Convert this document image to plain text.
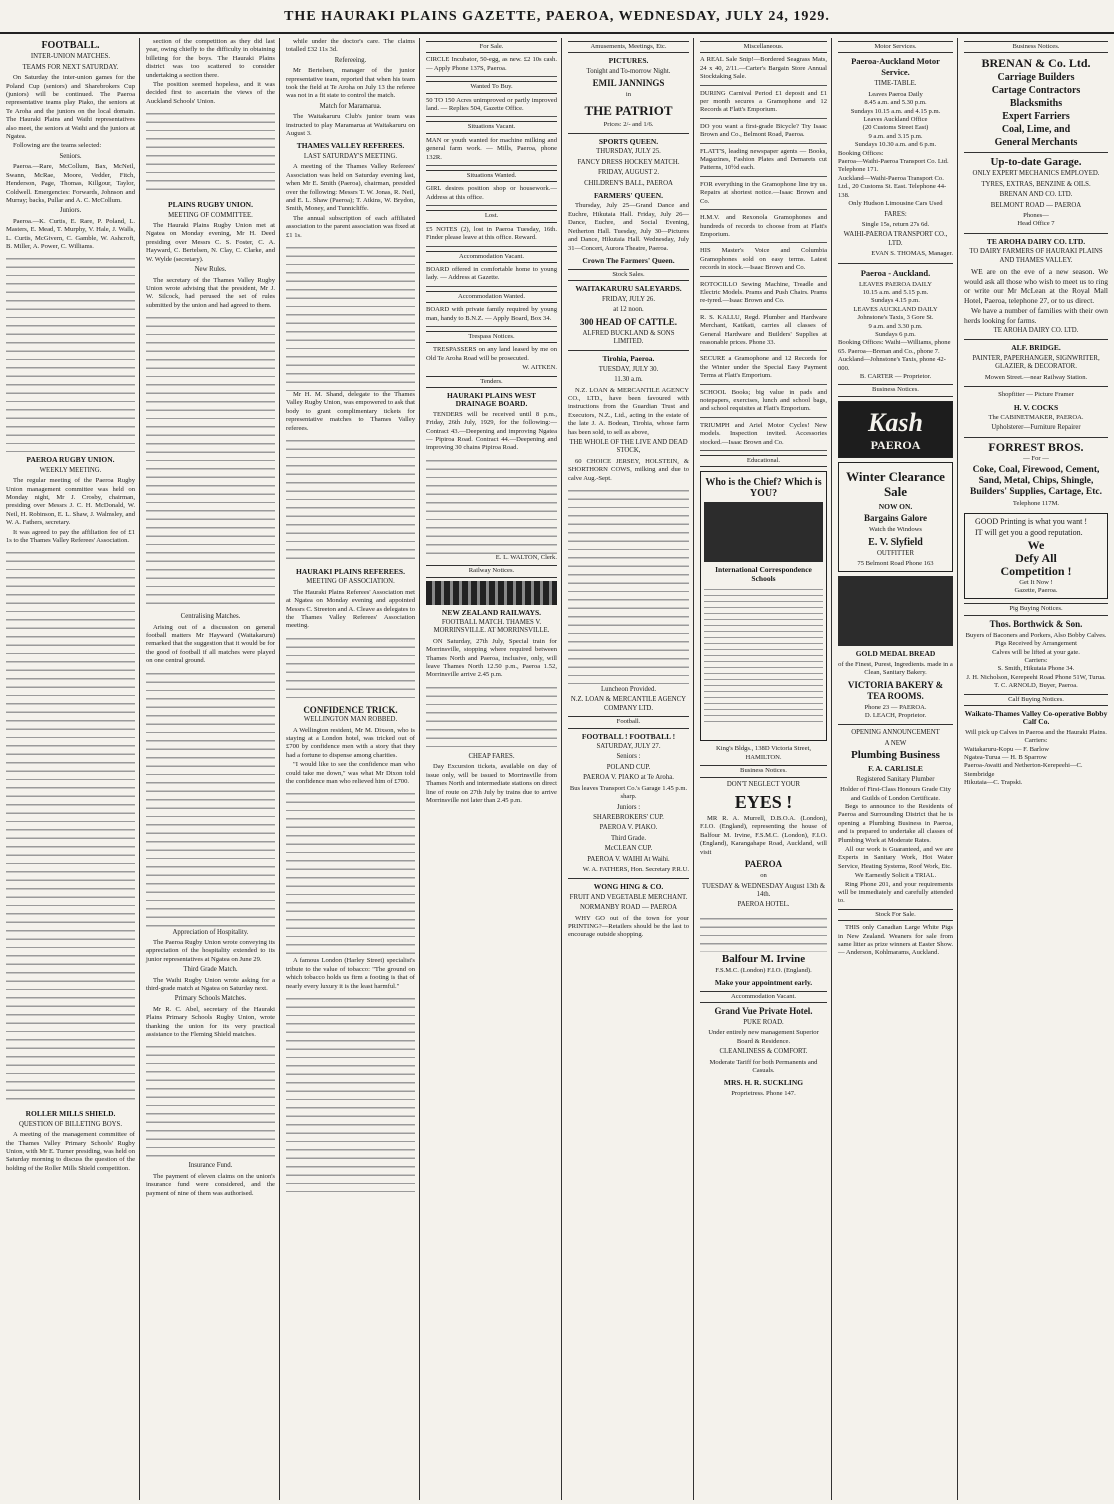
THE HAURAKI PLAINS GAZETTE, PAEROA, WEDNESDAY, JULY 24, 1929.
FOOTBALL.
INTER-UNION MATCHES.
TEAMS FOR NEXT SATURDAY.

On Saturday the inter-union games for the Poland Cup (seniors) and Sharebrokers Cup (juniors) will be continued. The Paeroa representative teams play Piako, the seniors at Te Aroha and the juniors on the local domain. The Hauraki Plains and Waihi representatives also meet, the seniors at Waihi and the juniors at Ngatea.

Following are the teams selected:

Seniors.

Paeroa.—Rare, McCollum, Bax, McNeil, Swann, McRae, Moore, Vedder, Fitch, Henderson, Page, Thomas, Killgour, Taylor, Coldwell. Emergencies: Forwards, Johnson and Murray; backs, Pullar and A. C. McCollum.

Juniors.

Paeroa.—K. Curtis, E. Rare, P. Poland, L. Masters, E. Mead, T. Murphy, V. Hale, J. Walls, L. Curtis, McGivern, C. Gamble, W. Ashcroft, B. Miller, A. Power, C. Williams.

PAEROA RUGBY UNION.
WEEKLY MEETING.

The regular meeting of the Paeroa Rugby Union management committee was held on Monday night, Mr J. Crosby, chairman, presiding over Messrs J. C. H. McDonald, W. Neil, H. Robinson, E. L. Shaw, J. Walmsley, and W. A. Fathers, secretary.

It was agreed to pay the affiliation fee of £1 1s to the Thames Valley Referees' Association.

ROLLER MILLS SHIELD.
QUESTION OF BILLETING BOYS.

A meeting of the management committee of the Thames Valley Primary Schools' Rugby Union, with Mr E. Turner presiding, was held on Saturday morning to discuss the question of the holding of the Roller Mills Shield competition.

section of the competition as they did last year, owing chiefly to the difficulty in obtaining billeting for the boys. The Hauraki Plains district was too scattered to consider undertaking a section there.

The position seemed hopeless, and it was decided first to ascertain the views of the Auckland Schools' Union.

PLAINS RUGBY UNION.
MEETING OF COMMITTEE.

The Hauraki Plains Rugby Union met at Ngatea on Monday evening, Mr H. Deed presiding over Messrs C. S. Foster, C. A. Hayward, C. Bertelsen, N. Clay, C. Clarke, and W. Wylde (secretary).

New Rules.

The secretary of the Thames Valley Rugby Union wrote advising that the president, Mr J. W. Silcock, had perused the set of rules submitted by the union and had agreed to them.

Centralising Matches.

Arising out of a discussion on general football matters Mr Hayward (Waitakaruru) remarked that the suggestion that it would be for the good of football if all matches were played on one central ground.

Appreciation of Hospitality.

The Paeroa Rugby Union wrote conveying its appreciation of the hospitality extended to its junior representatives at Ngatea on June 29.

Third Grade Match.

The Waihi Rugby Union wrote asking for a third-grade match at Ngatea on Saturday next.

Primary Schools Matches.

Mr R. C. Abel, secretary of the Hauraki Plains Primary Schools Rugby Union, wrote thanking the union for its very practical assistance to the Fleming Shield matches.

Insurance Fund.

The payment of eleven claims on the union's insurance fund were considered, and the payment of nine of them was authorised.

while under the doctor's care. The claims totalled £32 11s 3d.

Refereeing.

Mr Bertelsen, manager of the junior representative team, reported that when his team took the field at Te Aroha on July 13 the referee was not in a fit state to control the match.

Match for Maramarua.

The Waitakaruru Club's junior team was instructed to play Maramarua at Waitakaruru on August 3.

THAMES VALLEY REFEREES.
LAST SATURDAY'S MEETING.

A meeting of the Thames Valley Referees' Association was held on Saturday evening last, when Mr E. Smith (Paeroa), chairman, presided over the following: Messrs T. W. Jonas, R. Neil, and E. L. Shaw (Paeroa); T. Atkins, W. Brydon, Smith, Money, and Tunnicliffe.

The annual subscription of each affiliated association to the parent association was fixed at £1 1s.

Mr H. M. Shand, delegate to the Thames Valley Rugby Union, was empowered to ask that body to grant complimentary tickets for representative matches to Thames Valley referees.

HAURAKI PLAINS REFEREES.
MEETING OF ASSOCIATION.

The Hauraki Plains Referees' Association met at Ngatea on Monday evening and appointed Messrs C. Streeton and A. Cleave as delegates to the Thames Valley Referees' Association meeting.

CONFIDENCE TRICK.
WELLINGTON MAN ROBBED.

A Wellington resident, Mr M. Dixson, who is staying at a London hotel, was tricked out of £700 by confidence men with a story that they had a fortune to dispense among charities.

"I would like to see the confidence man who could take me down," was what Mr Dixon told the confidence man who relieved him of £700.

A famous London (Harley Street) specialist's tribute to the value of tobacco: "The ground on which tobacco holds us firm a footing is that of nearly every luxury it is the least harmful."

For Sale.

CIRCLE Incubator, 50-egg, as new. £2 10s cash. — Apply Phone 137S, Paeroa.

Wanted To Buy.

50 TO 150 Acres unimproved or partly improved land. — Replies 504, Gazette Office.

Situations Vacant.

MAN or youth wanted for machine milking and general farm work. — Mills, Paeroa, phone 132R.

Situations Wanted.

GIRL desires position shop or housework.—Address at this office.

Lost.

£5 NOTES (2), lost in Paeroa Tuesday, 16th. Finder please leave at this office. Reward.

Accommodation Vacant.

BOARD offered in comfortable home to young lady. — Address at Gazette.

Accommodation Wanted.

BOARD with private family required by young man, handy to B.N.Z. — Apply Board, Box 34.

Trespass Notices.

TRESPASSERS on any land leased by me on Old Te Aroha Road will be prosecuted.

W. AITKEN.
Tenders.
HAURAKI PLAINS WEST DRAINAGE BOARD.

TENDERS will be received until 8 p.m., Friday, 26th July, 1929, for the following:—Contract 43.—Deepening and improving Ngatea — Pipiroa Road. Contract 44.—Deepening and improving 30 chains Pipiroa Road.

E. L. WALTON, Clerk.
Railway Notices.
NEW ZEALAND RAILWAYS.
FOOTBALL MATCH. THAMES V. MORRINSVILLE. AT MORRINSVILLE.

ON Saturday, 27th July, Special train for Morrinsville, stopping where required between Thames North and Paeroa, inclusive, only, will leave Thames North 12.50 p.m., Paeroa 1.52, Morrinsville arrive 2.45 p.m.

CHEAP FARES.

Day Excursion tickets, available on day of issue only, will be issued to Morrinsville from Thames North and intermediate stations on direct line of route on 27th July by trains due to arrive Morrinsville not later than 2.45 p.m.

Amusements, Meetings, Etc.
PICTURES.
Tonight and To-morrow Night.
EMIL JANNINGS
in
THE PATRIOT
Prices: 2/- and 1/6.
SPORTS QUEEN.
THURSDAY, JULY 25.
FANCY DRESS HOCKEY MATCH.
FRIDAY, AUGUST 2.
CHILDREN'S BALL, PAEROA
FARMERS' QUEEN.

Thursday, July 25—Grand Dance and Euchre, Hikutaia Hall. Friday, July 26—Dance, Euchre, and Social Evening, Netherton Hall. Tuesday, July 30—Pictures and Dance, Hikutaia Hall. Wednesday, July 31—Concert, Aurora Theatre, Paeroa.

Crown The Farmers' Queen.
Stock Sales.
WAITAKARURU SALEYARDS.
FRIDAY, JULY 26.
at 12 noon.
300 HEAD OF CATTLE.
ALFRED BUCKLAND & SONS LIMITED.
Tirohia, Paeroa.
TUESDAY, JULY 30.
11.30 a.m.

N.Z. LOAN & MERCANTILE AGENCY CO., LTD., have been favoured with instructions from the Guardian Trust and Executors, N.Z., Ltd., acting in the estate of the late J. A. Bodean, Tirohia, whose farm has been sold, to sell as above,

THE WHOLE OF THE LIVE AND DEAD STOCK,

60 CHOICE JERSEY, HOLSTEIN, & SHORTHORN COWS, milking and due to calve Aug.-Sept.

Luncheon Provided.
N.Z. LOAN & MERCANTILE AGENCY COMPANY LTD.
Football.
FOOTBALL ! FOOTBALL !
SATURDAY, JULY 27.
Seniors :
POLAND CUP.
PAEROA V. PIAKO at Te Aroha.
Bus leaves Transport Co.'s Garage 1.45 p.m. sharp.
Juniors :
SHAREBROKERS' CUP.
PAEROA V. PIAKO.
Third Grade.
McCLEAN CUP.
PAEROA V. WAIHI At Waihi.
W. A. FATHERS, Hon. Secretary P.R.U.
WONG HING & CO.
FRUIT AND VEGETABLE MERCHANT.
NORMANBY ROAD — PAEROA

WHY GO out of the town for your PRINTING?—Retailers should be the last to encourage outside shopping.

Miscellaneous.

A REAL Sale Snip!—Bordered Seagrass Mats, 24 x 40, 2/11.—Carter's Bargain Store Annual Stocktaking Sale.

DURING Carnival Period £1 deposit and £1 per month secures a Gramophone and 12 Records at Flatt's Emporium.

DO you want a first-grade Bicycle? Try Isaac Brown and Co., Belmont Road, Paeroa.

FLATT'S, leading newspaper agents — Books, Magazines, Fashion Plates and Demarets cut Patterns, 10½d each.

FOR everything in the Gramophone line try us. Repairs at shortest notice.—Isaac Brown and Co.

H.M.V. and Rexonola Gramophones and hundreds of records to choose from at Flatt's Emporium.

HIS Master's Voice and Columbia Gramophones sold on easy terms. Latest records in stock.—Isaac Brown and Co.

ROTOCILLO Sewing Machine, Treadle and Electric Models. Prams and Push Chairs. Prams re-tyred.—Isaac Brown and Co.

R. S. KALLU, Regd. Plumber and Hardware Merchant, Katikati, carries all classes of General Hardware and Builders' Supplies at reasonable prices. Phone 33.

SECURE a Gramophone and 12 Records for the Winter under the Special Easy Payment Terms at Flatt's Emporium.

SCHOOL Books; big value in pads and notepapers, exercises, lunch and school bags, and school requisites at Flatt's Emporium.

TRIUMPH and Ariel Motor Cycles! New models. Inspection invited. Accessories stocked.—Isaac Brown and Co.

Educational.
Who is the Chief? Which is YOU?
International Correspondence Schools
King's Bldgs., 138D Victoria Street, HAMILTON.
Business Notices.
DON'T NEGLECT YOUR
EYES !

MR R. A. Murrell, D.B.O.A. (London), F.I.O. (England), representing the house of Balfour M. Irvine, F.S.M.C. (London), F.I.O. (England), Karangahape Road, Auckland, will visit

PAEROA
on
TUESDAY & WEDNESDAY August 13th & 14th.
PAEROA HOTEL.
Balfour M. Irvine
F.S.M.C. (London) F.I.O. (England).
Make your appointment early.
Accommodation Vacant.
Grand Vue Private Hotel.
PUKE ROAD.
Under entirely new management Superior Board & Residence.
CLEANLINESS & COMFORT.
Moderate Tariff for both Permanents and Casuals.
MRS. H. R. SUCKLING
Proprietress. Phone 147.
Motor Services.
Paeroa-Auckland Motor Service.
TIME-TABLE.
Leaves Paeroa Daily
8.45 a.m. and 5.30 p.m.
Sundays 10.15 a.m. and 4.15 p.m.
Leaves Auckland Office
(20 Customs Street East)
9 a.m. and 3.15 p.m.
Sundays 10.30 a.m. and 6 p.m.
Booking Offices:
Paeroa—Waihi-Paeroa Transport Co. Ltd. Telephone 171.
Auckland—Waihi-Paeroa Transport Co. Ltd., 20 Customs St. East. Telephone 44-138.
Only Hudson Limousine Cars Used
FARES:
Single 15s, return 27s 6d.
WAIHI-PAEROA TRANSPORT CO., LTD.
EVAN S. THOMAS, Manager.
Paeroa - Auckland.
LEAVES PAEROA DAILY
10.15 a.m. and 5.15 p.m.
Sundays 4.15 p.m.
LEAVES AUCKLAND DAILY
Johnstone's Taxis, 3 Gore St.
9 a.m. and 3.30 p.m.
Sundays 6 p.m.
Booking Offices: Waihi—Williams, phone 65. Paeroa—Brenan and Co., phone 7. Auckland—Johnstone's Taxis, phone 42-000.
B. CARTER — Proprietor.
Business Notices.
Kash
PAEROA
Winter Clearance Sale
NOW ON.
Bargains Galore
Watch the Windows
E. V. Slyfield
OUTFITTER
75 Belmont Road Phone 163
GOLD MEDAL BREAD
of the Finest, Purest, Ingredients. made in a Clean, Sanitary Bakery.
VICTORIA BAKERY & TEA ROOMS.
Phone 23 — PAEROA.
D. LEACH, Proprietor.
OPENING ANNOUNCEMENT
A NEW
Plumbing Business
F. A. CARLISLE
Registered Sanitary Plumber
Holder of First-Class Honours Grade City and Guilds of London Certificate.

Begs to announce to the Residents of Paeroa and Surrounding District that he is opening a Plumbing Business in Paeroa, and is prepared to undertake all classes of Plumbing Work at Moderate Rates.

All our work is Guaranteed, and we are Experts in Sanitary Work, Hot Water Service, Heating Systems, Roof Work, Etc.

We Earnestly Solicit a TRIAL.

Ring Phone 201, and your requirements will be immediately and carefully attended to.

Stock For Sale.

THIS only Canadian Large White Pigs in New Zealand. Weaners for sale from same litter as prize winners at Easter Show. — Anderson, Kohlmarams, Auckland.

Business Notices.
BRENAN & Co. Ltd.
Carriage Builders
Cartage Contractors
Blacksmiths
Expert Farriers
Coal, Lime, and
General Merchants
Up-to-date Garage.
ONLY EXPERT MECHANICS EMPLOYED.
TYRES, EXTRAS, BENZINE & OILS.
BRENAN AND CO. LTD.
BELMONT ROAD — PAEROA
Phones—
Head Office 7
TE AROHA DAIRY CO. LTD.
TO DAIRY FARMERS OF HAURAKI PLAINS AND THAMES VALLEY.

WE are on the eve of a new season. We would ask all those who wish to meet us to ring or write our Mr McLean at the Royal Mall Hotel, Paeroa, telephone 27, or to us direct.

We have a number of families with their own herds looking for farms.

TE AROHA DAIRY CO. LTD.
ALF. BRIDGE.
PAINTER, PAPERHANGER, SIGNWRITER, GLAZIER, & DECORATOR.
Mowen Street.—near Railway Station.
Shopfitter — Picture Framer
H. V. COCKS
The CABINETMAKER, PAEROA.
Upholsterer—Furniture Repairer
FORREST BROS.
— For —
Coke, Coal, Firewood, Cement, Sand, Metal, Chips, Shingle, Builders' Supplies, Cartage, Etc.
Telephone 117M.

GOOD Printing is what you want !

IT will get you a good reputation.

We
Defy All
Competition !
Get It Now !
Gazette, Paeroa.
Pig Buying Notices.
Thos. Borthwick & Son.
Buyers of Baconers and Porkers, Also Bobby Calves.
Pigs Received by Arrangement
Calves will be lifted at your gate.
Carriers:
S. Smith, Hikutaia Phone 34.
J. H. Nicholson, Kerepeehi Road Phone 51W, Turua.
T. C. ARNOLD, Buyer, Paeroa.
Calf Buying Notices.
Waikato-Thames Valley Co-operative Bobby Calf Co.
Will pick up Calves in Paeroa and the Hauraki Plains.
Carriers:
Waitakaruru-Kopu — F. Barlow
Ngatea-Turua — H. B Sparrow
Paeroa-Awaiti and Netherton-Kerepeehi—C. Stembridge
Hikutaia—C. Trapski.
